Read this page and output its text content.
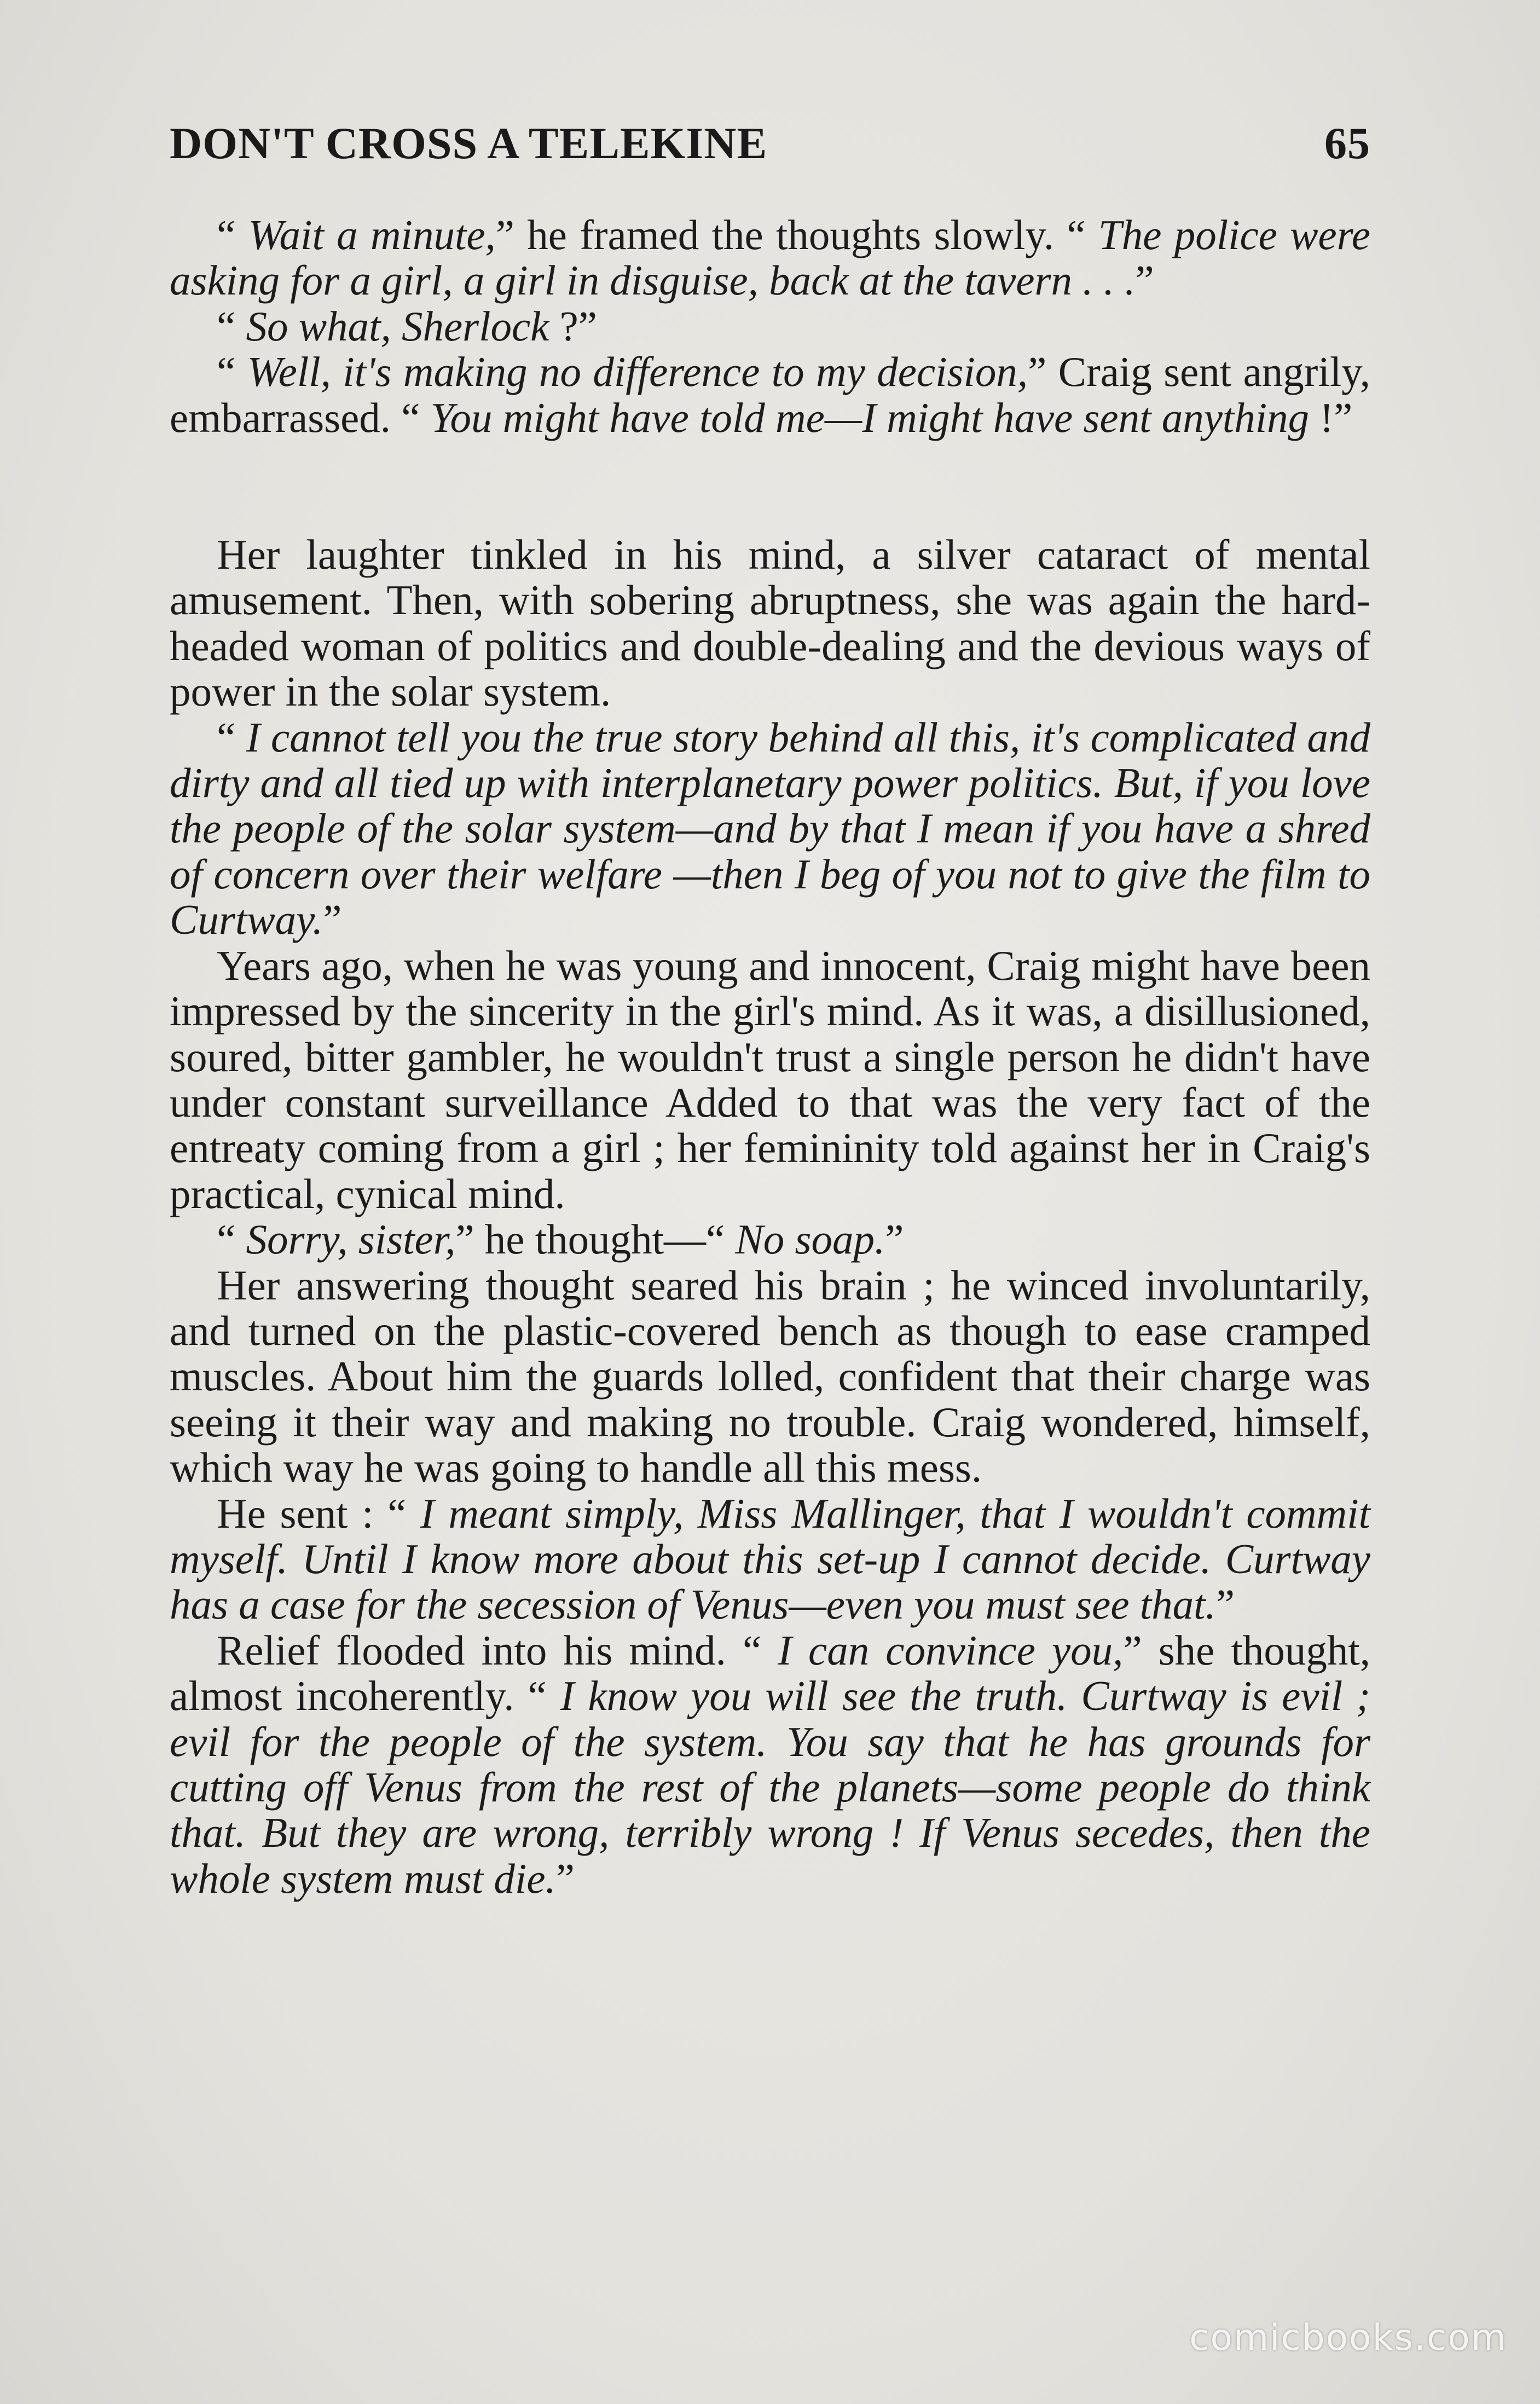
DON'T CROSS A TELEKINE	65

“ Wait a minute,” he framed the thoughts slowly. “ The police were asking for a girl, a girl in disguise, back at the tavern . . .”

“ So what, Sherlock ?”

“ Well, it's making no difference to my decision,” Craig sent angrily, embarrassed. “ You might have told me—I might have sent anything !”

Her laughter tinkled in his mind, a silver cataract of mental amusement. Then, with sobering abruptness, she was again the hard-headed woman of politics and double-dealing and the devious ways of power in the solar system.

“ I cannot tell you the true story behind all this, it's complicated and dirty and all tied up with interplanetary power politics. But, if you love the people of the solar system—and by that I mean if you have a shred of concern over their welfare —then I beg of you not to give the film to Curtway.”

Years ago, when he was young and innocent, Craig might have been impressed by the sincerity in the girl's mind. As it was, a disillusioned, soured, bitter gambler, he wouldn't trust a single person he didn't have under constant surveillance Added to that was the very fact of the entreaty coming from a girl ; her femininity told against her in Craig's practical, cynical mind.

“ Sorry, sister,” he thought—“ No soap.”

Her answering thought seared his brain ; he winced involuntarily, and turned on the plastic-covered bench as though to ease cramped muscles. About him the guards lolled, confident that their charge was seeing it their way and making no trouble. Craig wondered, himself, which way he was going to handle all this mess.

He sent : “ I meant simply, Miss Mallinger, that I wouldn't commit myself. Until I know more about this set-up I cannot decide. Curtway has a case for the secession of Venus—even you must see that.”

Relief flooded into his mind. “ I can convince you,” she thought, almost incoherently. “ I know you will see the truth. Curtway is evil ; evil for the people of the system. You say that he has grounds for cutting off Venus from the rest of the planets—some people do think that. But they are wrong, terribly wrong ! If Venus secedes, then the whole system must die.”

comicbooks.com
